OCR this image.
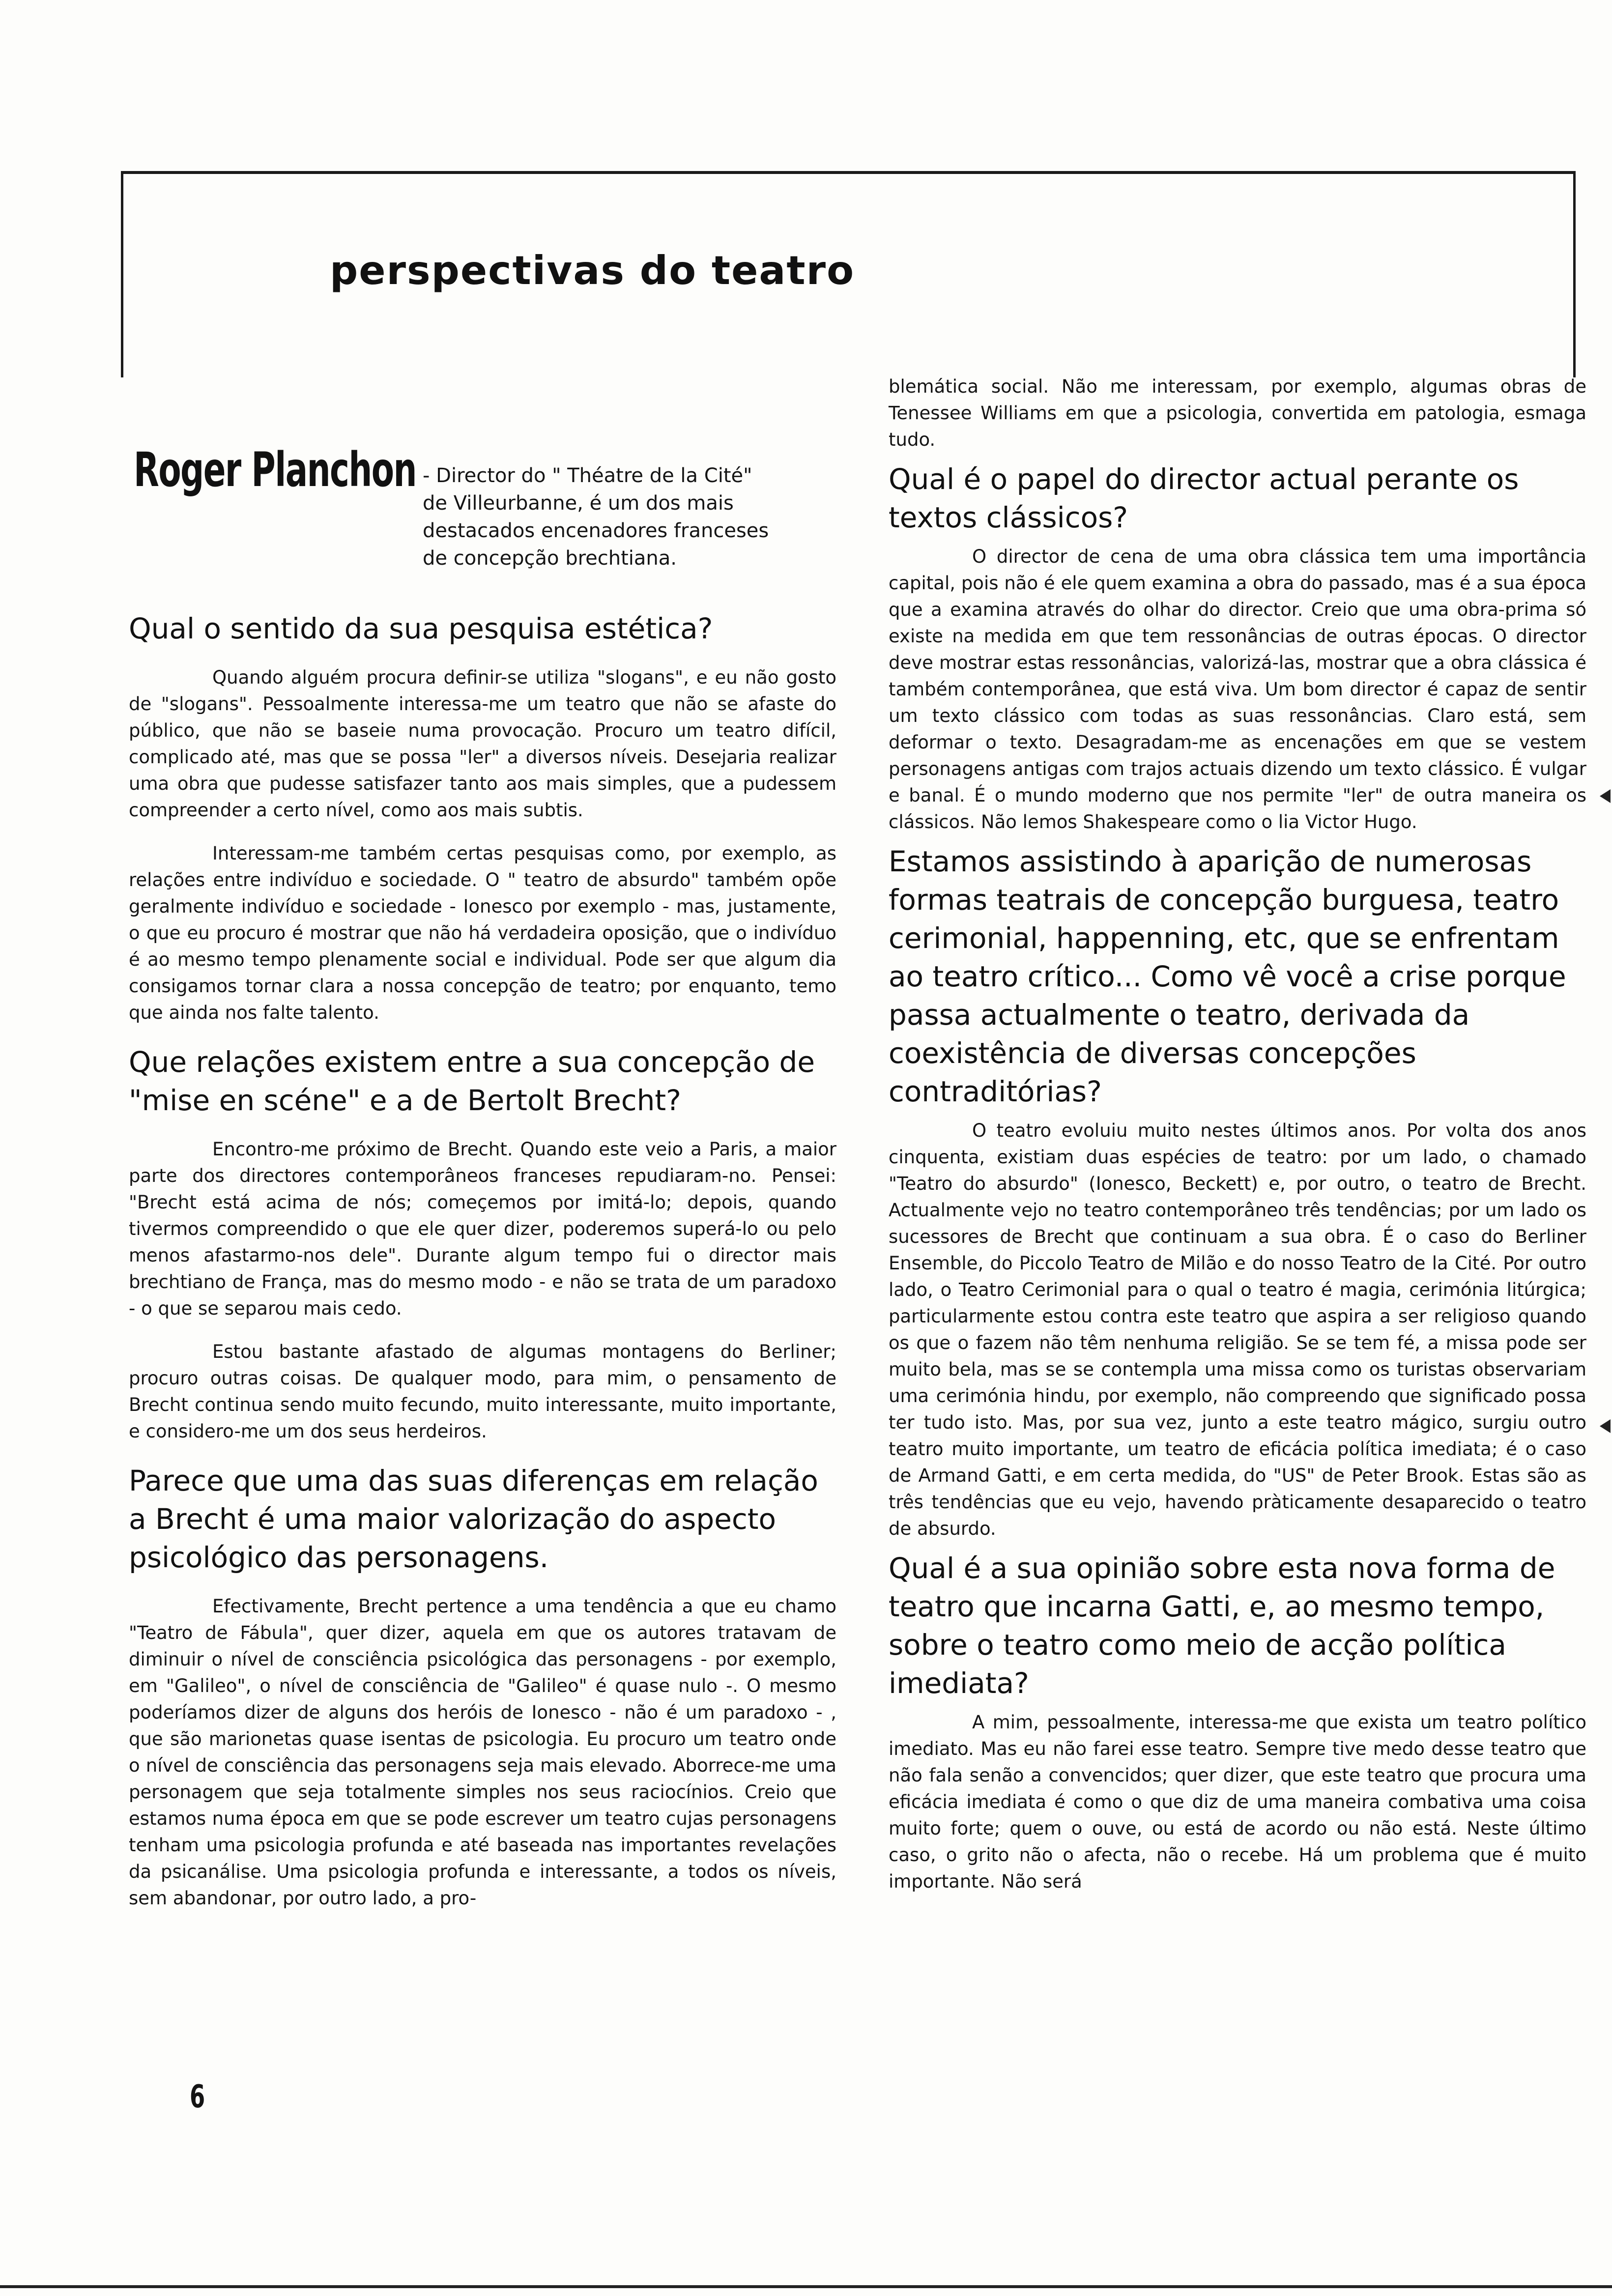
perspectivas do teatro
Roger Planchon - Director do " Théatre de la Cité" de Villeurbanne, é um dos mais destacados encenadores franceses de concepção brechtiana.
Qual o sentido da sua pesquisa estética?

Quando alguém procura definir-se utiliza "slogans", e eu não gosto de "slogans". Pessoalmente interessa-me um teatro que não se afaste do público, que não se baseie numa provocação. Procuro um teatro difícil, complicado até, mas que se possa "ler" a diversos níveis. Desejaria realizar uma obra que pudesse satisfazer tanto aos mais simples, que a pudessem compreender a certo nível, como aos mais subtis.

Interessam-me também certas pesquisas como, por exemplo, as relações entre indivíduo e sociedade. O " teatro de absurdo" também opõe geralmente indivíduo e sociedade - Ionesco por exemplo - mas, justamente, o que eu procuro é mostrar que não há verdadeira oposição, que o indivíduo é ao mesmo tempo plenamente social e individual. Pode ser que algum dia consigamos tornar clara a nossa concepção de teatro; por enquanto, temo que ainda nos falte talento.

Que relações existem entre a sua concepção de "mise en scéne" e a de Bertolt Brecht?

Encontro-me próximo de Brecht. Quando este veio a Paris, a maior parte dos directores contemporâneos franceses repudiaram-no. Pensei: "Brecht está acima de nós; começemos por imitá-lo; depois, quando tivermos compreendido o que ele quer dizer, poderemos superá-lo ou pelo menos afastarmo-nos dele". Durante algum tempo fui o director mais brechtiano de França, mas do mesmo modo - e não se trata de um paradoxo - o que se separou mais cedo.

Estou bastante afastado de algumas montagens do Berliner; procuro outras coisas. De qualquer modo, para mim, o pensamento de Brecht continua sendo muito fecundo, muito interessante, muito importante, e considero-me um dos seus herdeiros.

Parece que uma das suas diferenças em relação a Brecht é uma maior valorização do aspecto psicológico das personagens.

Efectivamente, Brecht pertence a uma tendência a que eu chamo "Teatro de Fábula", quer dizer, aquela em que os autores tratavam de diminuir o nível de consciência psicológica das personagens - por exemplo, em "Galileo", o nível de consciência de "Galileo" é quase nulo -. O mesmo poderíamos dizer de alguns dos heróis de Ionesco - não é um paradoxo - , que são marionetas quase isentas de psicologia. Eu procuro um teatro onde o nível de consciência das personagens seja mais elevado. Aborrece-me uma personagem que seja totalmente simples nos seus raciocínios. Creio que estamos numa época em que se pode escrever um teatro cujas personagens tenham uma psicologia profunda e até baseada nas importantes revelações da psicanálise. Uma psicologia profunda e interessante, a todos os níveis, sem abandonar, por outro lado, a pro-

blemática social. Não me interessam, por exemplo, algumas obras de Tenessee Williams em que a psicologia, convertida em patologia, esmaga tudo.

Qual é o papel do director actual perante os textos clássicos?

O director de cena de uma obra clássica tem uma importância capital, pois não é ele quem examina a obra do passado, mas é a sua época que a examina através do olhar do director. Creio que uma obra-prima só existe na medida em que tem ressonâncias de outras épocas. O director deve mostrar estas ressonâncias, valorizá-las, mostrar que a obra clássica é também contemporânea, que está viva. Um bom director é capaz de sentir um texto clássico com todas as suas ressonâncias. Claro está, sem deformar o texto. Desagradam-me as encenações em que se vestem personagens antigas com trajos actuais dizendo um texto clássico. É vulgar e banal. É o mundo moderno que nos permite "ler" de outra maneira os clássicos. Não lemos Shakespeare como o lia Victor Hugo.

Estamos assistindo à aparição de numerosas formas teatrais de concepção burguesa, teatro cerimonial, happenning, etc, que se enfrentam ao teatro crítico... Como vê você a crise porque passa actualmente o teatro, derivada da coexistência de diversas concepções contraditórias?

O teatro evoluiu muito nestes últimos anos. Por volta dos anos cinquenta, existiam duas espécies de teatro: por um lado, o chamado "Teatro do absurdo" (Ionesco, Beckett) e, por outro, o teatro de Brecht. Actualmente vejo no teatro contemporâneo três tendências; por um lado os sucessores de Brecht que continuam a sua obra. É o caso do Berliner Ensemble, do Piccolo Teatro de Milão e do nosso Teatro de la Cité. Por outro lado, o Teatro Cerimonial para o qual o teatro é magia, cerimónia litúrgica; particularmente estou contra este teatro que aspira a ser religioso quando os que o fazem não têm nenhuma religião. Se se tem fé, a missa pode ser muito bela, mas se se contempla uma missa como os turistas observariam uma cerimónia hindu, por exemplo, não compreendo que significado possa ter tudo isto. Mas, por sua vez, junto a este teatro mágico, surgiu outro teatro muito importante, um teatro de eficácia política imediata; é o caso de Armand Gatti, e em certa medida, do "US" de Peter Brook. Estas são as três tendências que eu vejo, havendo pràticamente desaparecido o teatro de absurdo.

Qual é a sua opinião sobre esta nova forma de teatro que incarna Gatti, e, ao mesmo tempo, sobre o teatro como meio de acção política imediata?

A mim, pessoalmente, interessa-me que exista um teatro político imediato. Mas eu não farei esse teatro. Sempre tive medo desse teatro que não fala senão a convencidos; quer dizer, que este teatro que procura uma eficácia imediata é como o que diz de uma maneira combativa uma coisa muito forte; quem o ouve, ou está de acordo ou não está. Neste último caso, o grito não o afecta, não o recebe. Há um problema que é muito importante. Não será

6
